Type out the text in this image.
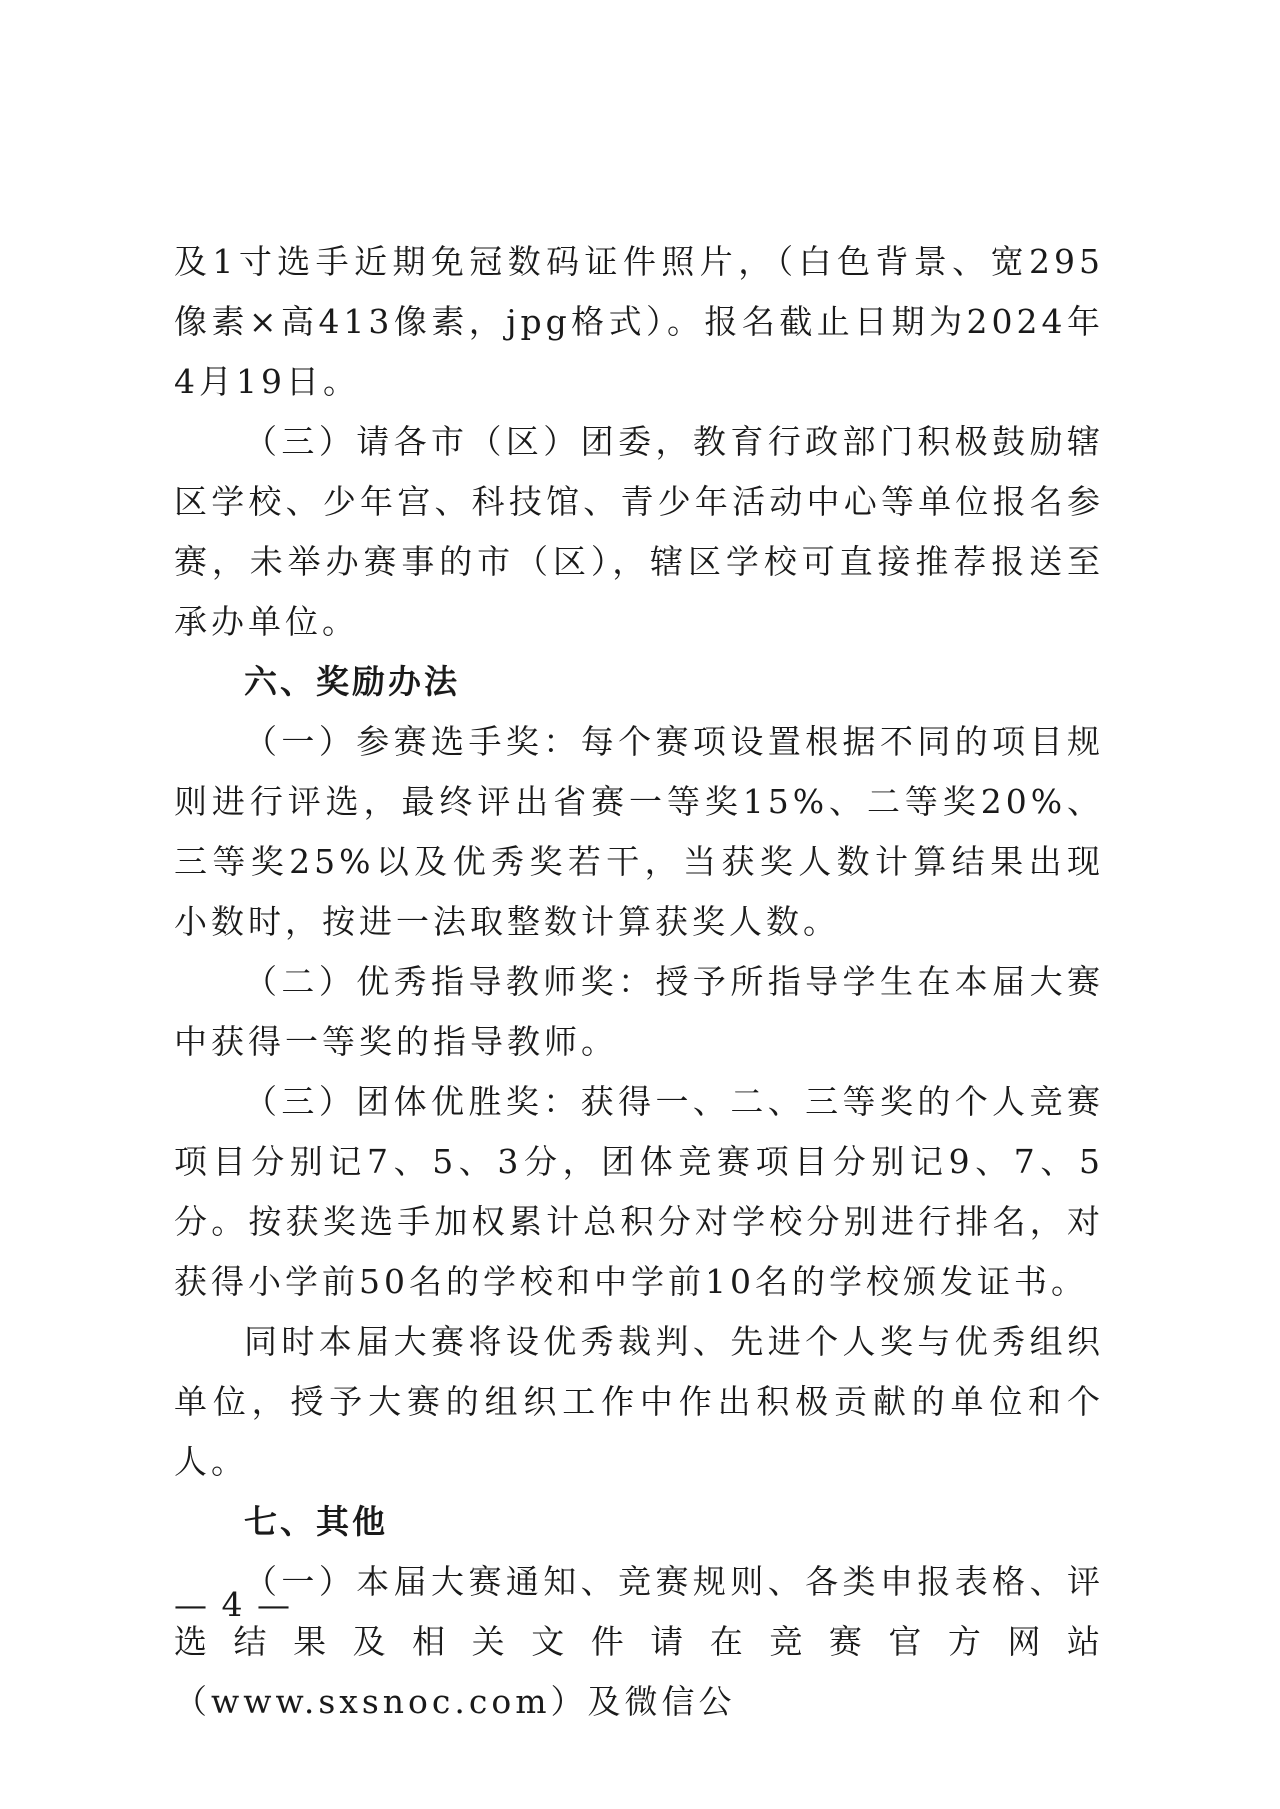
及1寸选手近期免冠数码证件照片，（白色背景、宽295像素×高413像素，jpg格式）。报名截止日期为2024年4月19日。

（三）请各市（区）团委，教育行政部门积极鼓励辖区学校、少年宫、科技馆、青少年活动中心等单位报名参赛，未举办赛事的市（区），辖区学校可直接推荐报送至承办单位。

六、奖励办法

（一）参赛选手奖：每个赛项设置根据不同的项目规则进行评选，最终评出省赛一等奖15%、二等奖20%、三等奖25%以及优秀奖若干，当获奖人数计算结果出现小数时，按进一法取整数计算获奖人数。

（二）优秀指导教师奖：授予所指导学生在本届大赛中获得一等奖的指导教师。

（三）团体优胜奖：获得一、二、三等奖的个人竞赛项目分别记7、5、3分，团体竞赛项目分别记9、7、5分。按获奖选手加权累计总积分对学校分别进行排名，对获得小学前50名的学校和中学前10名的学校颁发证书。

同时本届大赛将设优秀裁判、先进个人奖与优秀组织单位，授予大赛的组织工作中作出积极贡献的单位和个人。

七、其他

（一）本届大赛通知、竞赛规则、各类申报表格、评选结果及相关文件请在竞赛官方网站（www.sxsnoc.com）及微信公

— 4 —
